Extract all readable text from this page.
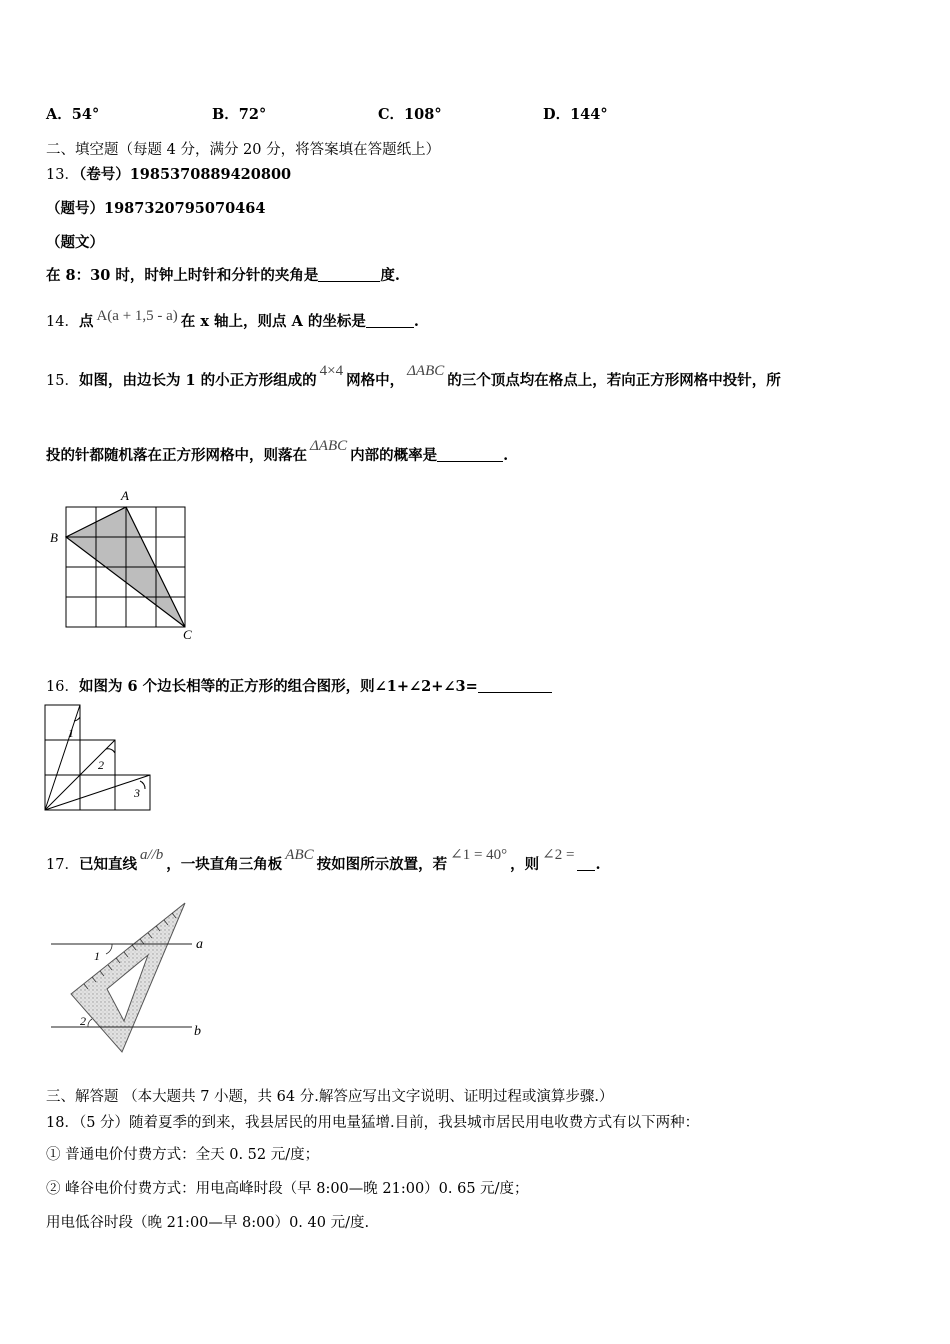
A．54°	B．72°	C．108°	D．144°
二、填空题（每题 4 分，满分 20 分，将答案填在答题纸上）
13．（卷号）1985370889420800
（题号）1987320795070464
（题文）
在 8：30 时，时钟上时针和分针的夹角是	度.
14．点 A(a + 1,5 - a) 在 x 轴上，则点 A 的坐标是	.
15．如图，由边长为 1 的小正方形组成的4×4网格中，ΔABC的三个顶点均在格点上，若向正方形网格中投针，所
投的针都随机落在正方形网格中，则落在ΔABC内部的概率是	.
A
B
C
16．如图为 6 个边长相等的正方形的组合图形，则∠1+∠2+∠3=
1
2
3
17．已知直线a//b，一块直角三角板ABC按如图所示放置，若∠1 = 40°，则∠2 =.
a
b
1
2
三、解答题 （本大题共 7 小题，共 64 分.解答应写出文字说明、证明过程或演算步骤.）
18．（5 分）随着夏季的到来，我县居民的用电量猛增.目前，我县城市居民用电收费方式有以下两种：
① 普通电价付费方式：全天 0. 52 元/度；
② 峰谷电价付费方式：用电高峰时段（早 8:00—晚 21:00）0. 65 元/度；
用电低谷时段（晚 21:00—早 8:00）0. 40 元/度.
